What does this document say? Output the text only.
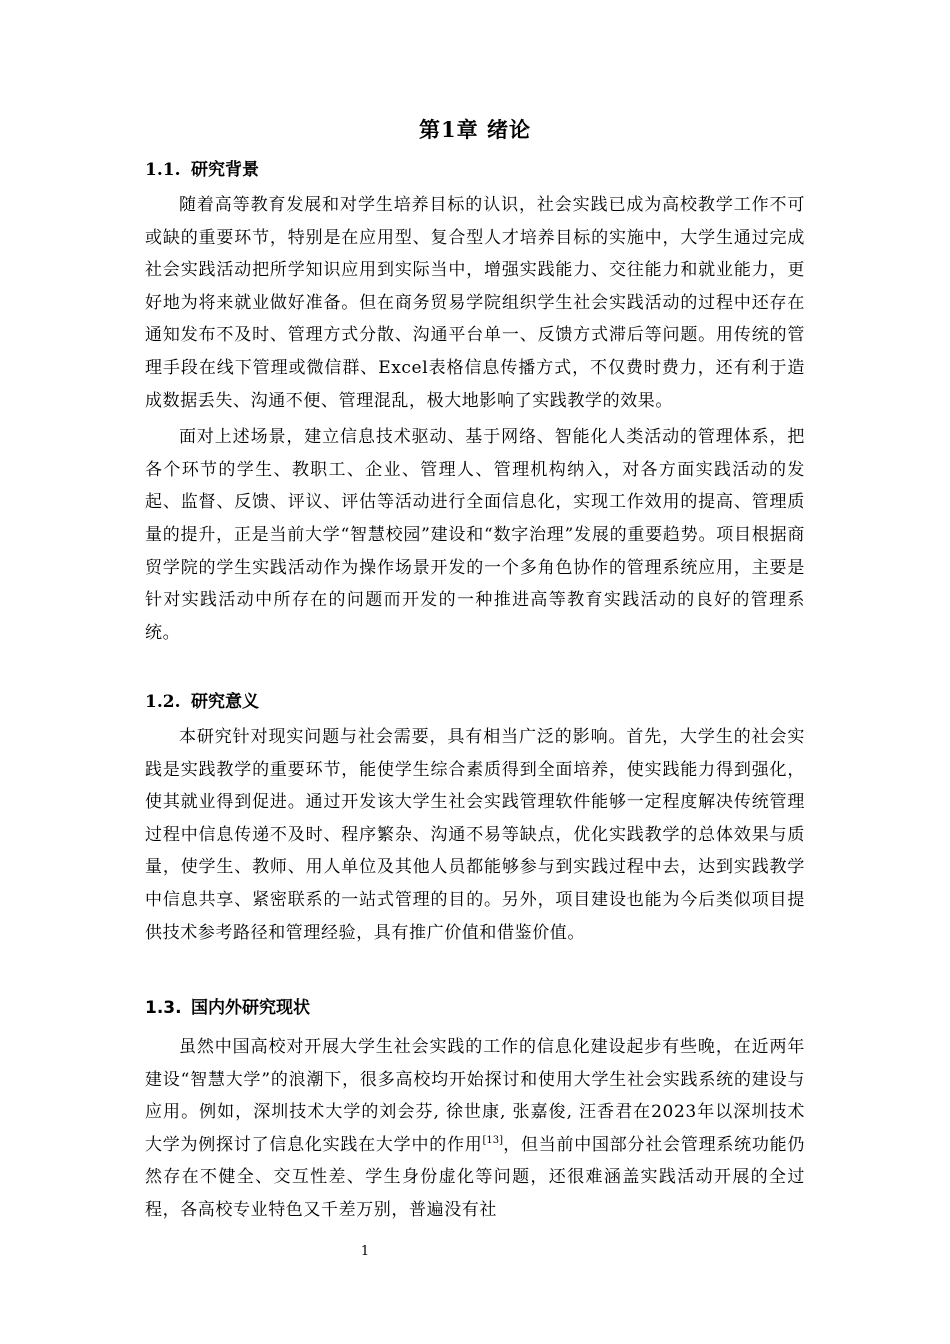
第1章 绪论
1.1. 研究背景

随着高等教育发展和对学生培养目标的认识，社会实践已成为高校教学工作不可或缺的重要环节，特别是在应用型、复合型人才培养目标的实施中，大学生通过完成社会实践活动把所学知识应用到实际当中，增强实践能力、交往能力和就业能力，更好地为将来就业做好准备。但在商务贸易学院组织学生社会实践活动的过程中还存在通知发布不及时、管理方式分散、沟通平台单一、反馈方式滞后等问题。用传统的管理手段在线下管理或微信群、Excel表格信息传播方式，不仅费时费力，还有利于造成数据丢失、沟通不便、管理混乱，极大地影响了实践教学的效果。

面对上述场景，建立信息技术驱动、基于网络、智能化人类活动的管理体系，把各个环节的学生、教职工、企业、管理人、管理机构纳入，对各方面实践活动的发起、监督、反馈、评议、评估等活动进行全面信息化，实现工作效用的提高、管理质量的提升，正是当前大学“智慧校园”建设和“数字治理”发展的重要趋势。项目根据商贸学院的学生实践活动作为操作场景开发的一个多角色协作的管理系统应用，主要是针对实践活动中所存在的问题而开发的一种推进高等教育实践活动的良好的管理系统。

1.2. 研究意义

本研究针对现实问题与社会需要，具有相当广泛的影响。首先，大学生的社会实践是实践教学的重要环节，能使学生综合素质得到全面培养，使实践能力得到强化，使其就业得到促进。通过开发该大学生社会实践管理软件能够一定程度解决传统管理过程中信息传递不及时、程序繁杂、沟通不易等缺点，优化实践教学的总体效果与质量，使学生、教师、用人单位及其他人员都能够参与到实践过程中去，达到实践教学中信息共享、紧密联系的一站式管理的目的。另外，项目建设也能为今后类似项目提供技术参考路径和管理经验，具有推广价值和借鉴价值。

1.3. 国内外研究现状

虽然中国高校对开展大学生社会实践的工作的信息化建设起步有些晚，在近两年建设“智慧大学”的浪潮下，很多高校均开始探讨和使用大学生社会实践系统的建设与应用。例如，深圳技术大学的刘会芬, 徐世康, 张嘉俊, 汪香君在2023年以深圳技术大学为例探讨了信息化实践在大学中的作用[13]，但当前中国部分社会管理系统功能仍然存在不健全、交互性差、学生身份虚化等问题，还很难涵盖实践活动开展的全过程，各高校专业特色又千差万别，普遍没有社

1
